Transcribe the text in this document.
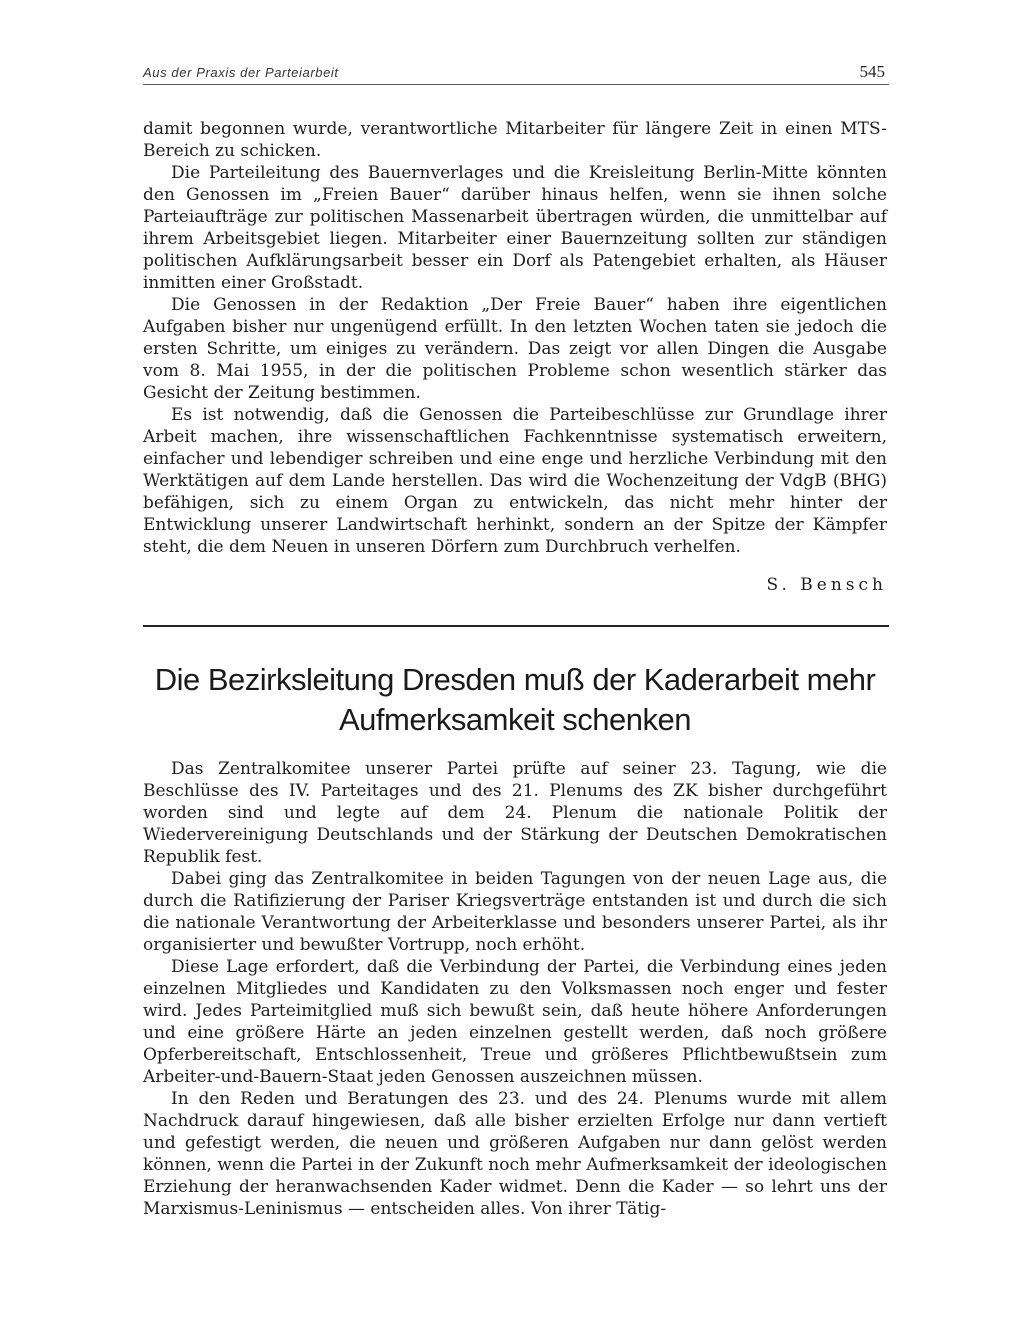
Aus der Praxis der Parteiarbeit	545

damit begonnen wurde, verantwortliche Mitarbeiter für längere Zeit in einen MTS-Bereich zu schicken.

Die Parteileitung des Bauernverlages und die Kreisleitung Berlin-Mitte könnten den Genossen im „Freien Bauer“ darüber hinaus helfen, wenn sie ihnen solche Parteiaufträge zur politischen Massenarbeit übertragen würden, die unmittelbar auf ihrem Arbeitsgebiet liegen. Mitarbeiter einer Bauernzeitung sollten zur ständigen politischen Aufklärungsarbeit besser ein Dorf als Patengebiet erhalten, als Häuser inmitten einer Großstadt.

Die Genossen in der Redaktion „Der Freie Bauer“ haben ihre eigentlichen Aufgaben bisher nur ungenügend erfüllt. In den letzten Wochen taten sie jedoch die ersten Schritte, um einiges zu verändern. Das zeigt vor allen Dingen die Ausgabe vom 8. Mai 1955, in der die politischen Probleme schon wesentlich stärker das Gesicht der Zeitung bestimmen.

Es ist notwendig, daß die Genossen die Parteibeschlüsse zur Grundlage ihrer Arbeit machen, ihre wissenschaftlichen Fachkenntnisse systematisch erweitern, einfacher und lebendiger schreiben und eine enge und herzliche Verbindung mit den Werktätigen auf dem Lande herstellen. Das wird die Wochenzeitung der VdgB (BHG) befähigen, sich zu einem Organ zu entwickeln, das nicht mehr hinter der Entwicklung unserer Landwirtschaft herhinkt, sondern an der Spitze der Kämpfer steht, die dem Neuen in unseren Dörfern zum Durchbruch verhelfen.

S. Bensch
Die Bezirksleitung Dresden muß der Kaderarbeit mehr
Aufmerksamkeit schenken

Das Zentralkomitee unserer Partei prüfte auf seiner 23. Tagung, wie die Beschlüsse des IV. Parteitages und des 21. Plenums des ZK bisher durchgeführt worden sind und legte auf dem 24. Plenum die nationale Politik der Wiedervereinigung Deutschlands und der Stärkung der Deutschen Demokratischen Republik fest.

Dabei ging das Zentralkomitee in beiden Tagungen von der neuen Lage aus, die durch die Ratifizierung der Pariser Kriegsverträge entstanden ist und durch die sich die nationale Verantwortung der Arbeiterklasse und besonders unserer Partei, als ihr organisierter und bewußter Vortrupp, noch erhöht.

Diese Lage erfordert, daß die Verbindung der Partei, die Verbindung eines jeden einzelnen Mitgliedes und Kandidaten zu den Volksmassen noch enger und fester wird. Jedes Parteimitglied muß sich bewußt sein, daß heute höhere Anforderungen und eine größere Härte an jeden einzelnen gestellt werden, daß noch größere Opferbereitschaft, Entschlossenheit, Treue und größeres Pflichtbewußtsein zum Arbeiter-und-Bauern-Staat jeden Genossen auszeichnen müssen.

In den Reden und Beratungen des 23. und des 24. Plenums wurde mit allem Nachdruck darauf hingewiesen, daß alle bisher erzielten Erfolge nur dann vertieft und gefestigt werden, die neuen und größeren Aufgaben nur dann gelöst werden können, wenn die Partei in der Zukunft noch mehr Aufmerksamkeit der ideologischen Erziehung der heranwachsenden Kader widmet. Denn die Kader — so lehrt uns der Marxismus-Leninismus — entscheiden alles. Von ihrer Tätig-
